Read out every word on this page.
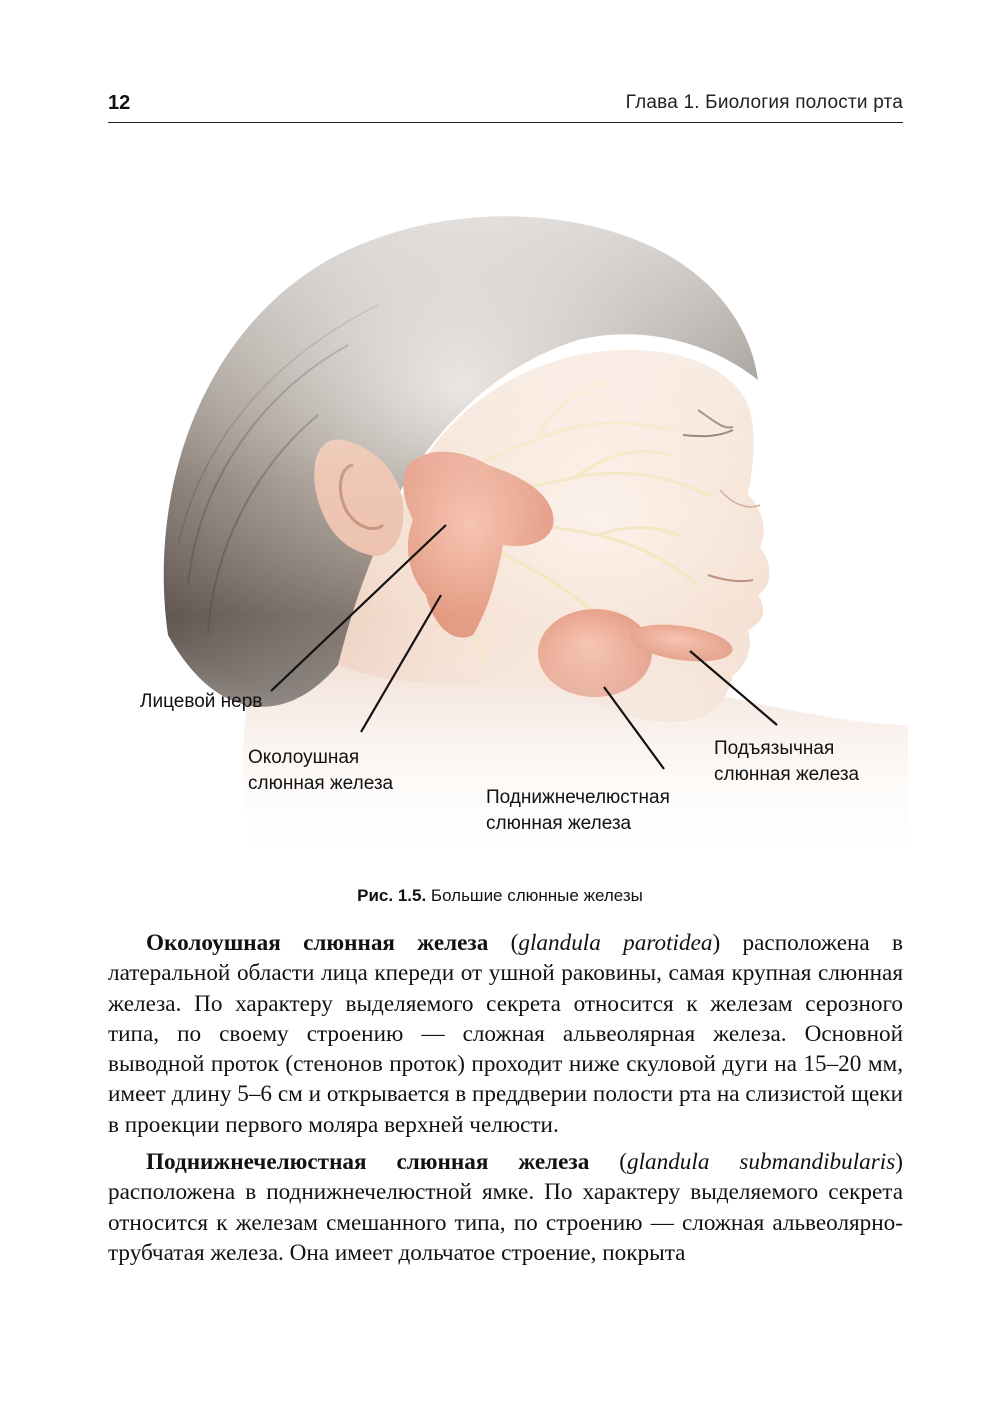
12	Глава 1. Биология полости рта
Лицевой нерв
Околоушная
слюнная железа
Подъязычная
слюнная железа
Поднижнечелюстная
слюнная железа
Рис. 1.5. Большие слюнные железы

Околоушная слюнная железа (glandula parotidea) расположена в латеральной области лица кпереди от ушной раковины, самая крупная слюнная железа. По характеру выделяемого секрета относится к железам серозного типа, по своему строению — сложная альвеолярная железа. Основной выводной проток (стенонов проток) проходит ниже скуловой дуги на 15–20 мм, имеет длину 5–6 см и открывается в преддверии полости рта на слизистой щеки в проекции первого моляра верхней челюсти.

Поднижнечелюстная слюнная железа (glandula submandibularis) расположена в поднижнечелюстной ямке. По характеру выделяемого секрета относится к железам смешанного типа, по строению — сложная альвеолярно-трубчатая железа. Она имеет дольчатое строение, покрыта
